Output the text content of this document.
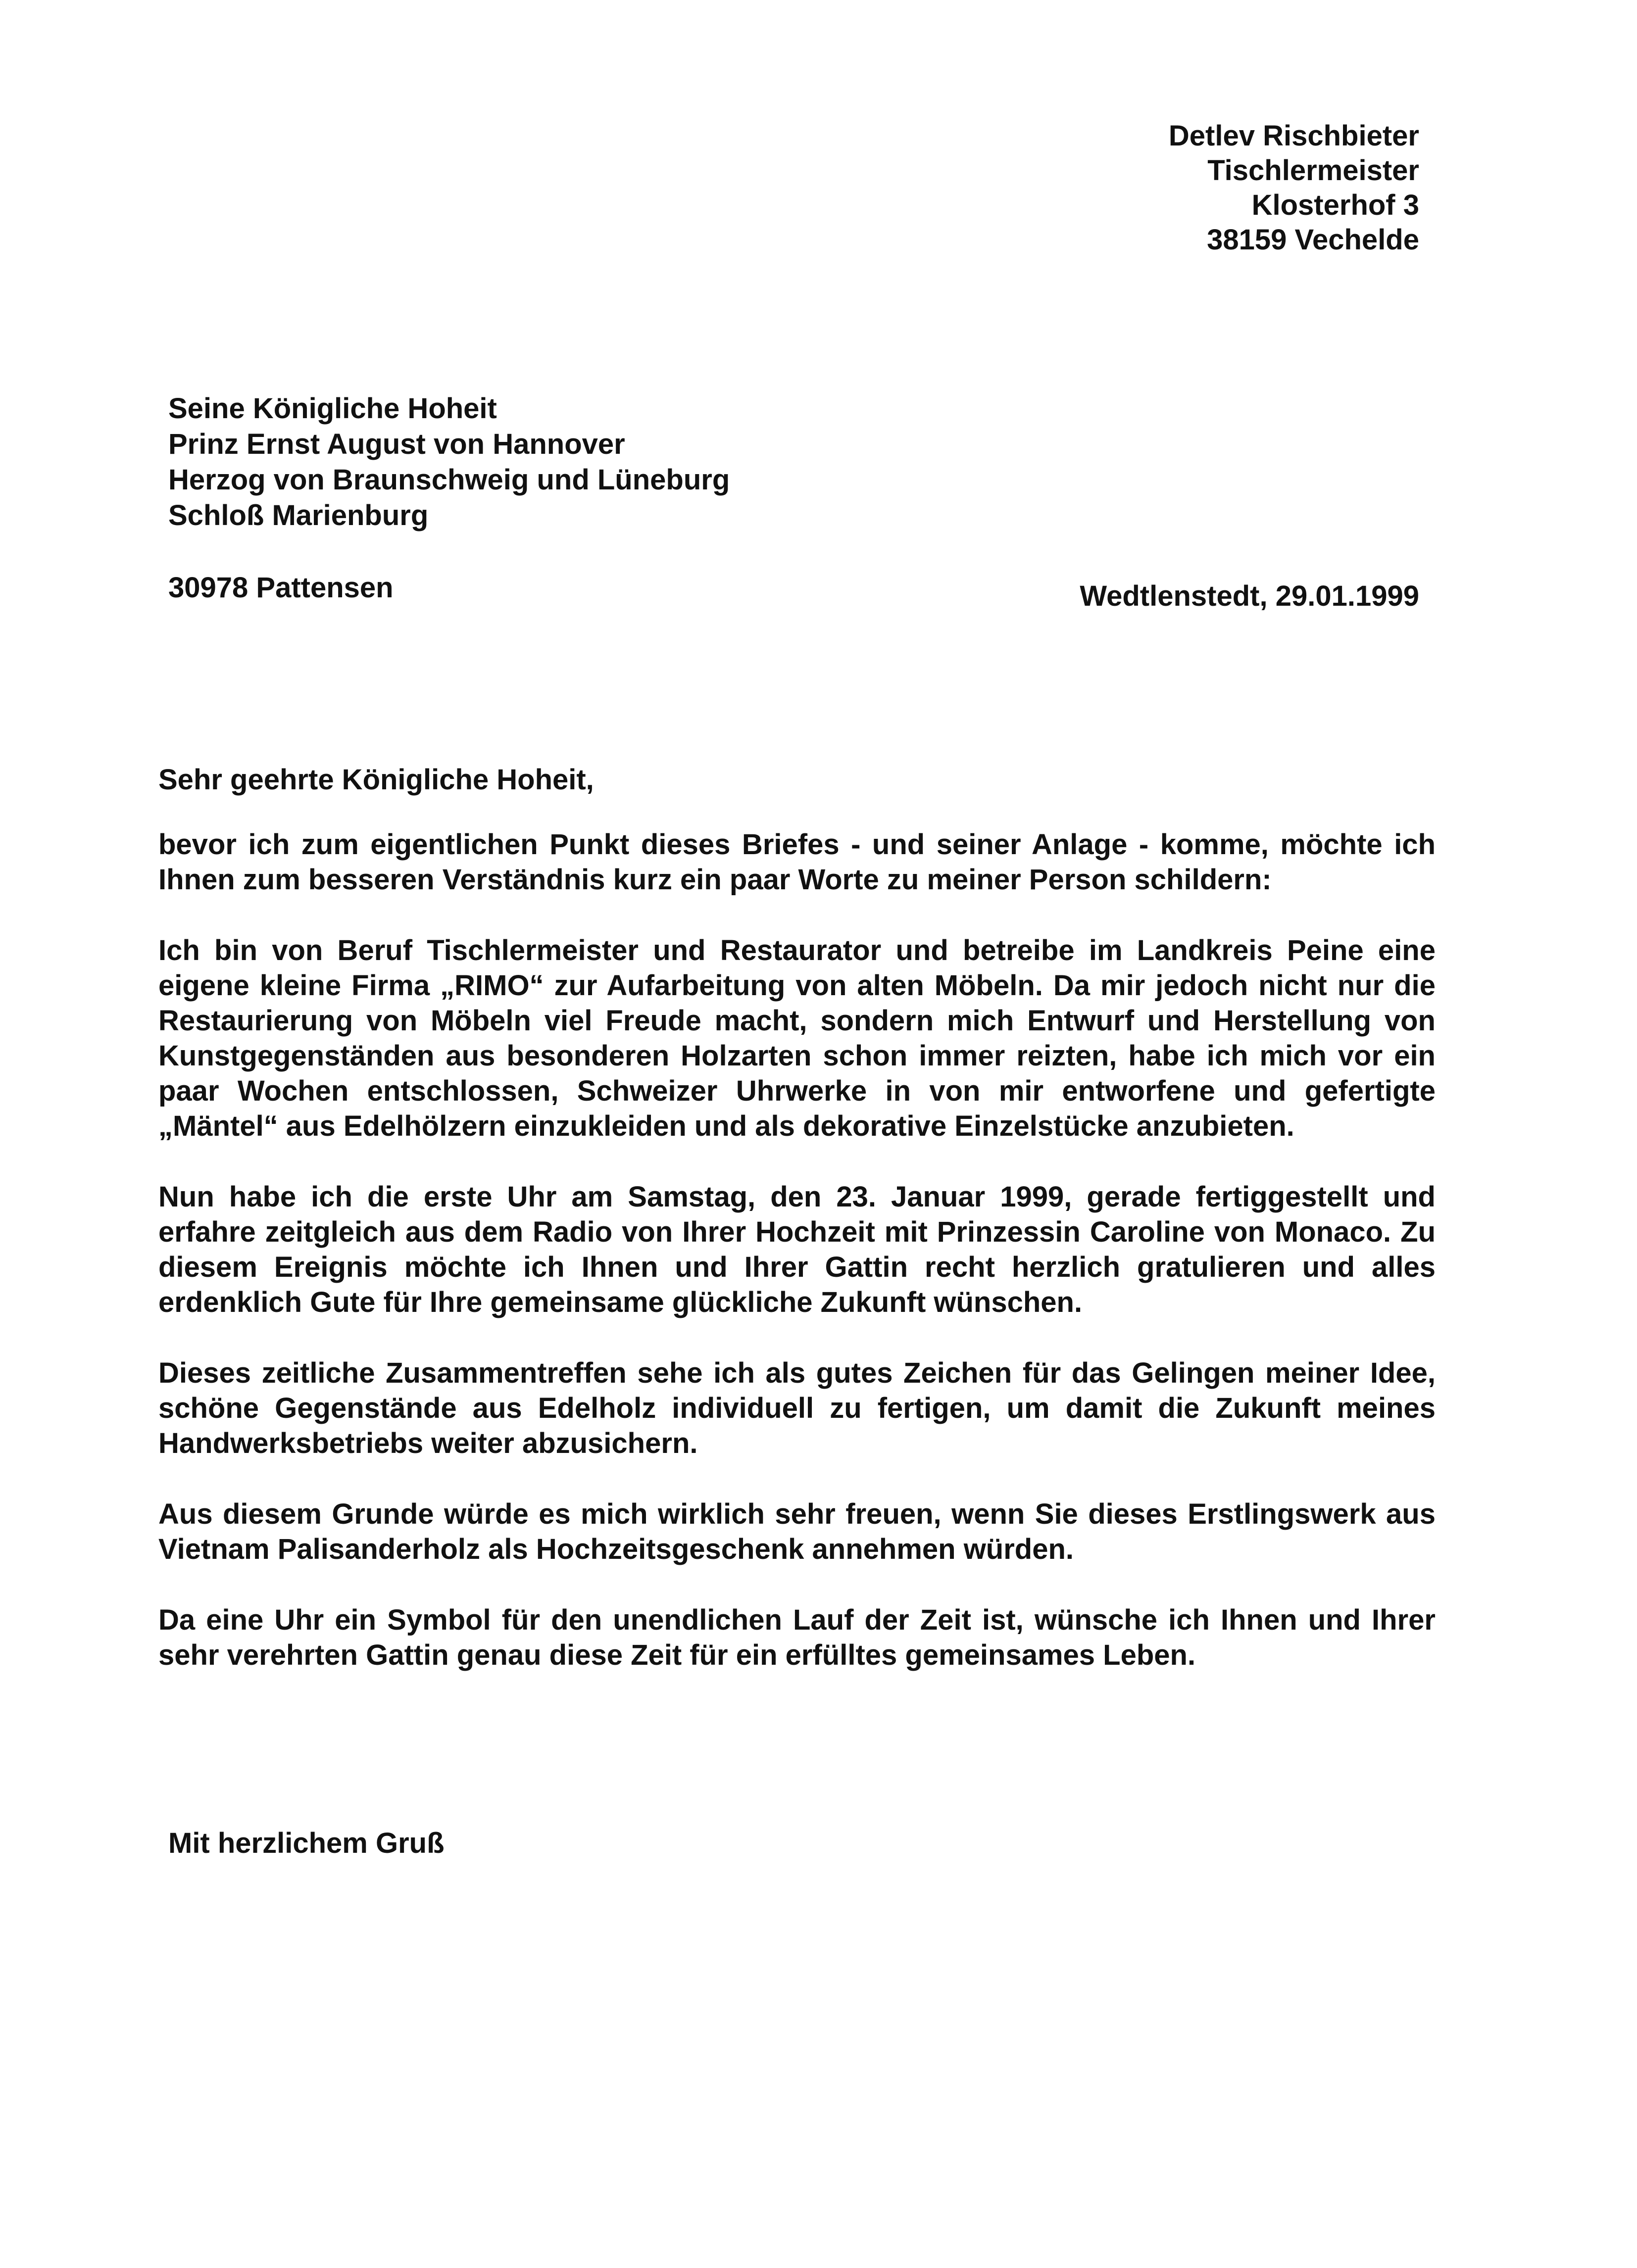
Detlev Rischbieter
Tischlermeister
Klosterhof 3
38159 Vechelde
Seine Königliche Hoheit
Prinz Ernst August von Hannover
Herzog von Braunschweig und Lüneburg
Schloß Marienburg
30978 Pattensen	Wedtlenstedt, 29.01.1999

Sehr geehrte Königliche Hoheit,

bevor ich zum eigentlichen Punkt dieses Briefes - und seiner Anlage - komme, möchte ich Ihnen zum besseren Verständnis kurz ein paar Worte zu meiner Person schildern:

Ich bin von Beruf Tischlermeister und Restaurator und betreibe im Landkreis Peine eine eigene kleine Firma „RIMO“ zur Aufarbeitung von alten Möbeln. Da mir jedoch nicht nur die Restaurierung von Möbeln viel Freude macht, sondern mich Entwurf und Herstellung von Kunstgegenständen aus besonderen Holzarten schon immer reizten, habe ich mich vor ein paar Wochen entschlossen, Schweizer Uhrwerke in von mir entworfene und gefertigte „Mäntel“ aus Edelhölzern einzukleiden und als dekorative Einzelstücke anzubieten.

Nun habe ich die erste Uhr am Samstag, den 23. Januar 1999, gerade fertiggestellt und erfahre zeitgleich aus dem Radio von Ihrer Hochzeit mit Prinzessin Caroline von Monaco. Zu diesem Ereignis möchte ich Ihnen und Ihrer Gattin recht herzlich gratulieren und alles erdenklich Gute für Ihre gemeinsame glückliche Zukunft wünschen.

Dieses zeitliche Zusammentreffen sehe ich als gutes Zeichen für das Gelingen meiner Idee, schöne Gegenstände aus Edelholz individuell zu fertigen, um damit die Zukunft meines Handwerksbetriebs weiter abzusichern.

Aus diesem Grunde würde es mich wirklich sehr freuen, wenn Sie dieses Erstlingswerk aus Vietnam Palisanderholz als Hochzeitsgeschenk annehmen würden.

Da eine Uhr ein Symbol für den unendlichen Lauf der Zeit ist, wünsche ich Ihnen und Ihrer sehr verehrten Gattin genau diese Zeit für ein erfülltes gemeinsames Leben.

Mit herzlichem Gruß
